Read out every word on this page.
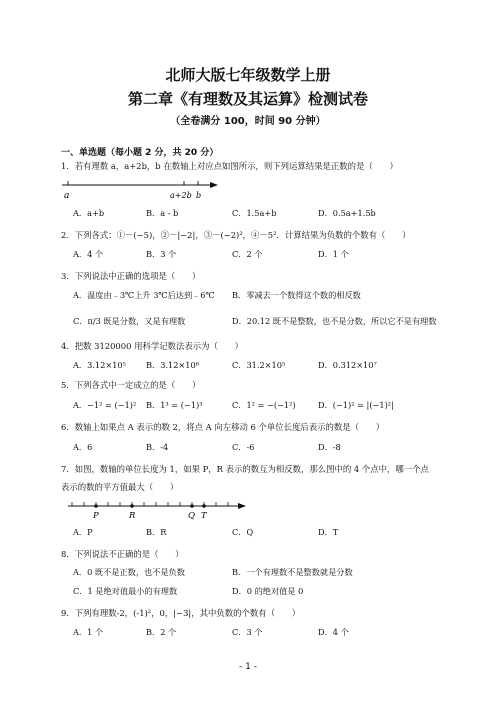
北师大版七年级数学上册
第二章《有理数及其运算》检测试卷
（全卷满分 100，时间 90 分钟）
一、单选题（每小题 2 分，共 20 分）
1．若有理数 a，a+2b，b 在数轴上对应点如图所示，则下列运算结果是正数的是（　　）
a	a+2b b
A．a+b	B．a - b	C．1.5a+b	D．0.5a+1.5b
2．下列各式：①－(−5)，②－|−2|，③－(−2)²，④－5²．计算结果为负数的个数有（　　）
A．4 个	B．3 个	C．2 个	D．1 个
3．下列说法中正确的选项是（　　）
A．温度由﹣3℃上升 3℃后达到﹣6℃ B．零减去一个数得这个数的相反数
C．π/3 既是分数，又是有理数	D．20.12 既不是整数，也不是分数，所以它不是有理数
4．把数 3120000 用科学记数法表示为（　　）
A．3.12×10⁵ B．3.12×10⁶	C．31.2×10⁵	D．0.312×10⁷
5．下列各式中一定成立的是（　　）
A．−1² = (−1)² B．1³ = (−1)³	C．1² = −(−1²)	D．(−1)² = |(−1)²|
6．数轴上如果点 A 表示的数 2，将点 A 向左移动 6 个单位长度后表示的数是（　　）
A．6	B．-4	C．-6	D．-8
7．如图，数轴的单位长度为 1，如果 P，R 表示的数互为相反数，那么图中的 4 个点中，哪一个点
表示的数的平方值最大（　　）
P	R	Q T
A．P	B．R	C．Q	D．T
8．下列说法不正确的是（　　）
A．0 既不是正数，也不是负数	B．一个有理数不是整数就是分数
C．1 是绝对值最小的有理数	D．0 的绝对值是 0
9．下列有理数-2，(-1)²，0，|−3|，其中负数的个数有（　　）
A．1 个	B．2 个	C．3 个	D．4 个
- 1 -
